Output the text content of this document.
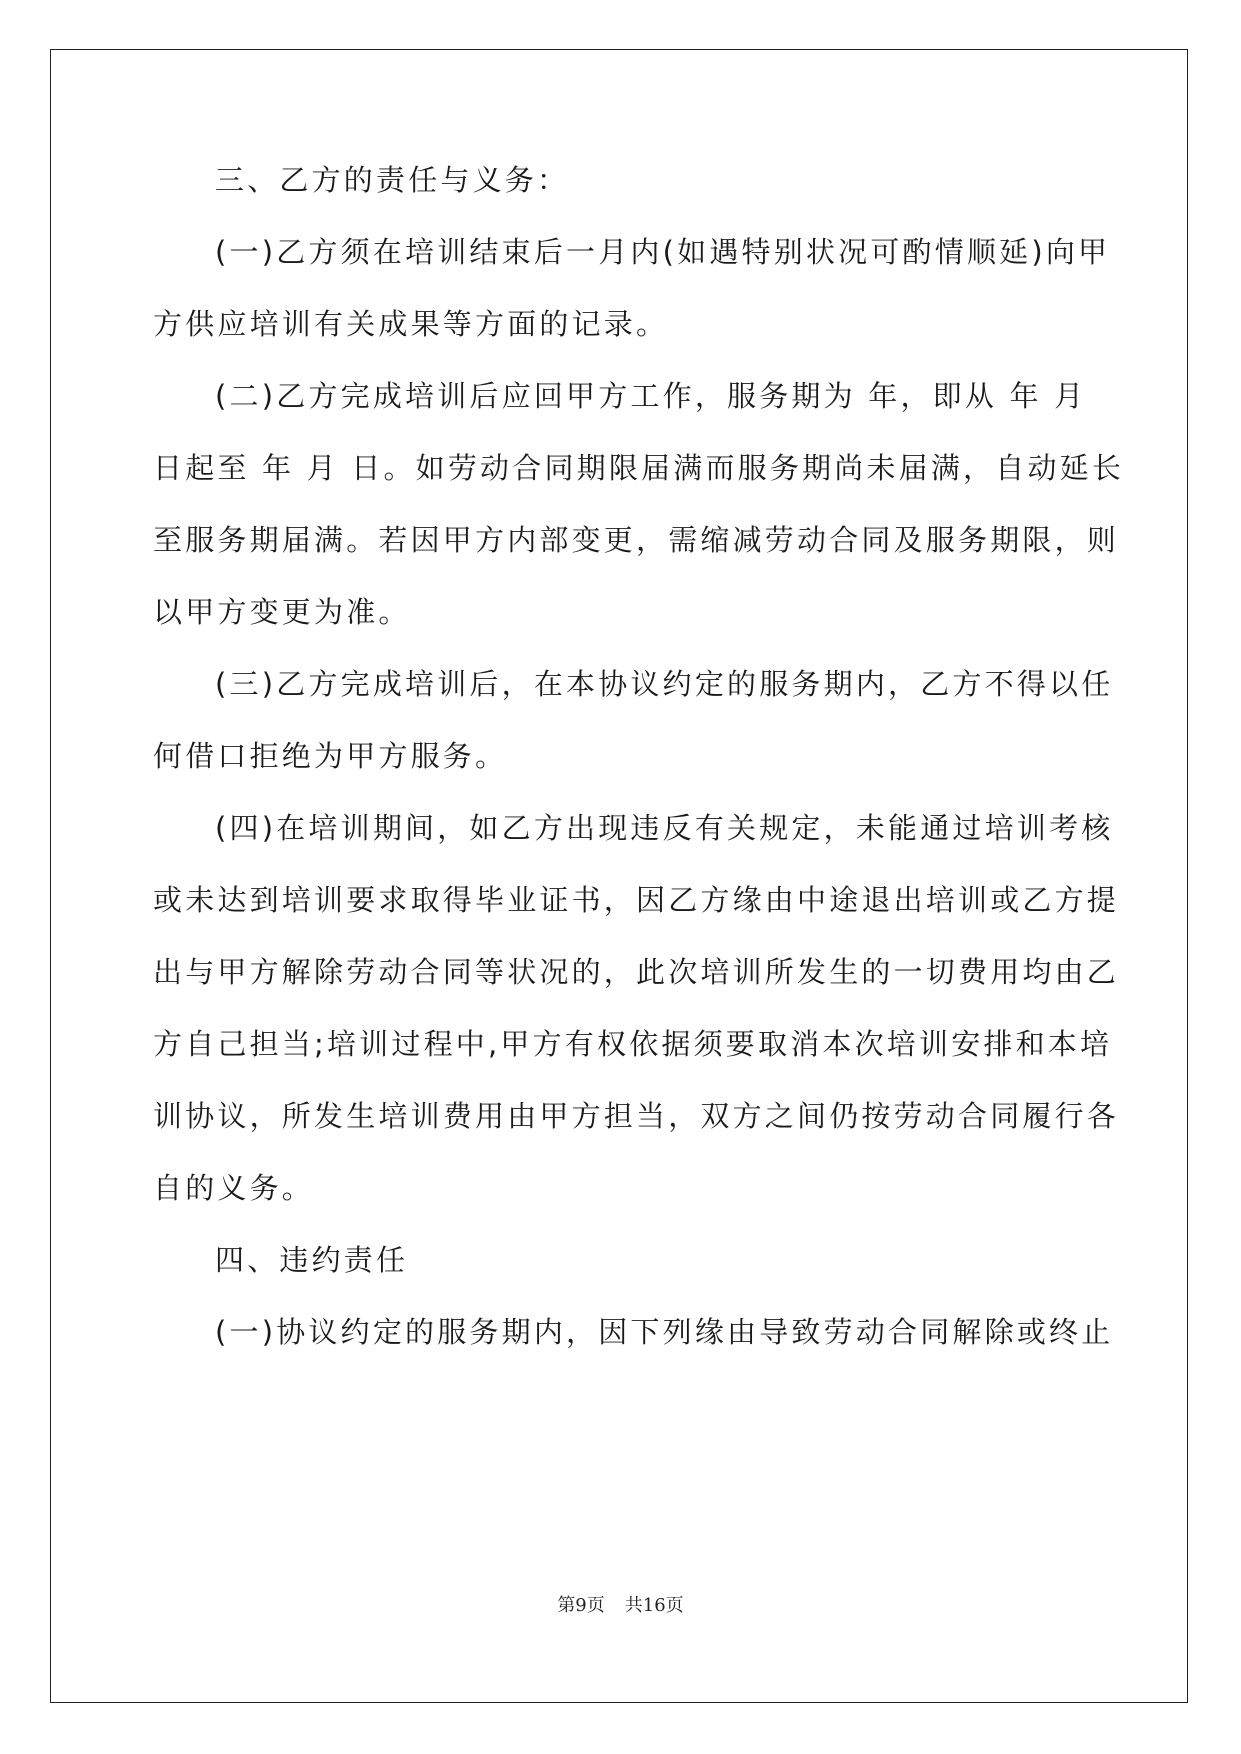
三、乙方的责任与义务：
(一)乙方须在培训结束后一月内(如遇特别状况可酌情顺延)向甲
方供应培训有关成果等方面的记录。
(二)乙方完成培训后应回甲方工作，服务期为 年，即从 年 月
日起至 年 月 日。如劳动合同期限届满而服务期尚未届满，自动延长
至服务期届满。若因甲方内部变更，需缩减劳动合同及服务期限，则
以甲方变更为准。
(三)乙方完成培训后，在本协议约定的服务期内，乙方不得以任
何借口拒绝为甲方服务。
(四)在培训期间，如乙方出现违反有关规定，未能通过培训考核
或未达到培训要求取得毕业证书，因乙方缘由中途退出培训或乙方提
出与甲方解除劳动合同等状况的，此次培训所发生的一切费用均由乙
方自己担当;培训过程中,甲方有权依据须要取消本次培训安排和本培
训协议，所发生培训费用由甲方担当，双方之间仍按劳动合同履行各
自的义务。
四、违约责任
(一)协议约定的服务期内，因下列缘由导致劳动合同解除或终止
第9页 共16页
